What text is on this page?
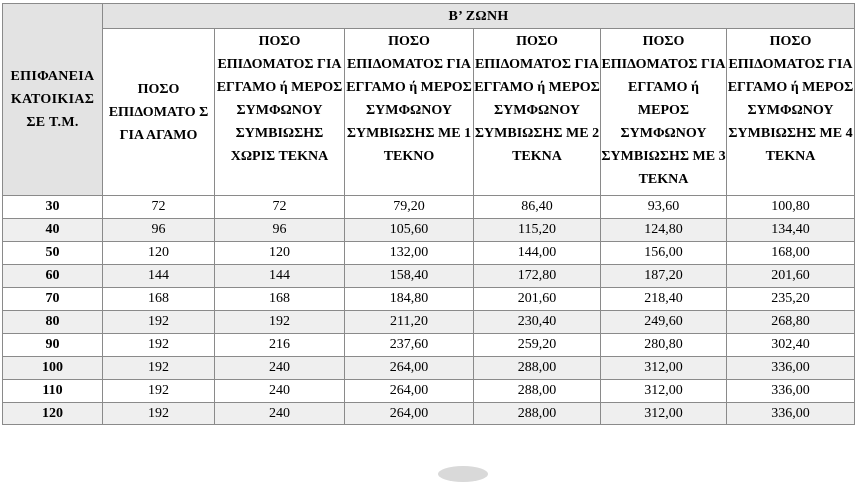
ΕΠΙΦΑΝΕΙΑ ΚΑΤΟΙΚΙΑΣ ΣΕ Τ.Μ.	Β’ ΖΩΝΗ					
	ΠΟΣΟ ΕΠΙΔΟΜΑΤΟ Σ ΓΙΑ ΑΓΑΜΟ	ΠΟΣΟ ΕΠΙΔΟΜΑΤΟΣ ΓΙΑ ΕΓΓΑΜΟ ή ΜΕΡΟΣ ΣΥΜΦΩΝΟΥ ΣΥΜΒΙΩΣΗΣ ΧΩΡΙΣ ΤΕΚΝΑ	ΠΟΣΟ ΕΠΙΔΟΜΑΤΟΣ ΓΙΑ ΕΓΓΑΜΟ ή ΜΕΡΟΣ ΣΥΜΦΩΝΟΥ ΣΥΜΒΙΩΣΗΣ ΜΕ 1 ΤΕΚΝΟ	ΠΟΣΟ ΕΠΙΔΟΜΑΤΟΣ ΓΙΑ ΕΓΓΑΜΟ ή ΜΕΡΟΣ ΣΥΜΦΩΝΟΥ ΣΥΜΒΙΩΣΗΣ ΜΕ 2 ΤΕΚΝΑ	ΠΟΣΟ ΕΠΙΔΟΜΑΤΟΣ ΓΙΑ ΕΓΓΑΜΟ ή ΜΕΡΟΣ ΣΥΜΦΩΝΟΥ ΣΥΜΒΙΩΣΗΣ ΜΕ 3 ΤΕΚΝΑ	ΠΟΣΟ ΕΠΙΔΟΜΑΤΟΣ ΓΙΑ ΕΓΓΑΜΟ ή ΜΕΡΟΣ ΣΥΜΦΩΝΟΥ ΣΥΜΒΙΩΣΗΣ ΜΕ 4 ΤΕΚΝΑ
30	72	72	79,20	86,40	93,60	100,80
40	96	96	105,60	115,20	124,80	134,40
50	120	120	132,00	144,00	156,00	168,00
60	144	144	158,40	172,80	187,20	201,60
70	168	168	184,80	201,60	218,40	235,20
80	192	192	211,20	230,40	249,60	268,80
90	192	216	237,60	259,20	280,80	302,40
100	192	240	264,00	288,00	312,00	336,00
110	192	240	264,00	288,00	312,00	336,00
120	192	240	264,00	288,00	312,00	336,00
